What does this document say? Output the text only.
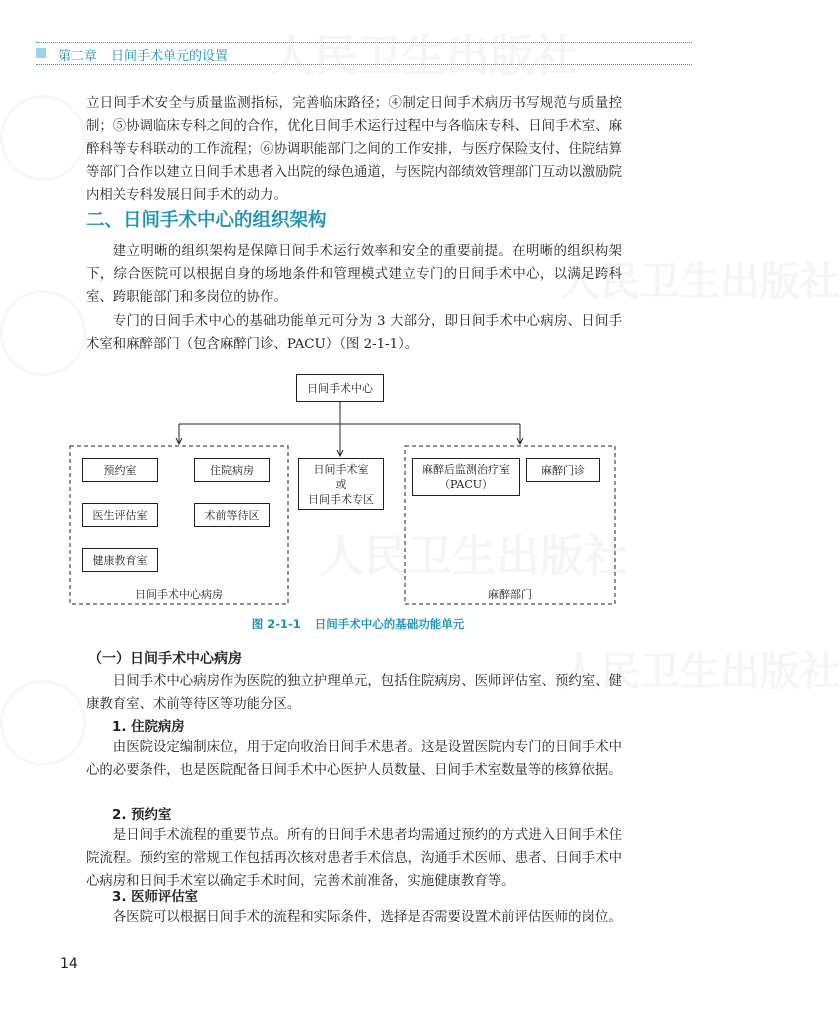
人民卫生出版社
人民卫生出版社
人民卫生出版社
人民卫生出版社
第二章 日间手术单元的设置

立日间手术安全与质量监测指标，完善临床路径；④制定日间手术病历书写规范与质量控制；⑤协调临床专科之间的合作，优化日间手术运行过程中与各临床专科、日间手术室、麻醉科等专科联动的工作流程；⑥协调职能部门之间的工作安排，与医疗保险支付、住院结算等部门合作以建立日间手术患者入出院的绿色通道，与医院内部绩效管理部门互动以激励院内相关专科发展日间手术的动力。

二、日间手术中心的组织架构

建立明晰的组织架构是保障日间手术运行效率和安全的重要前提。在明晰的组织构架下，综合医院可以根据自身的场地条件和管理模式建立专门的日间手术中心，以满足跨科室、跨职能部门和多岗位的协作。

专门的日间手术中心的基础功能单元可分为 3 大部分，即日间手术中心病房、日间手术室和麻醉部门（包含麻醉门诊、PACU）（图 2-1-1）。

日间手术中心
预约室	住院病房
医生评估室	术前等待区
健康教育室
日间手术中心病房
日间手术室
或
日间手术专区
麻醉后监测治疗室
（PACU）
麻醉门诊
麻醉部门
图 2-1-1 日间手术中心的基础功能单元
（一）日间手术中心病房

日间手术中心病房作为医院的独立护理单元，包括住院病房、医师评估室、预约室、健康教育室、术前等待区等功能分区。

1. 住院病房

由医院设定编制床位，用于定向收治日间手术患者。这是设置医院内专门的日间手术中心的必要条件，也是医院配备日间手术中心医护人员数量、日间手术室数量等的核算依据。

2. 预约室

是日间手术流程的重要节点。所有的日间手术患者均需通过预约的方式进入日间手术住院流程。预约室的常规工作包括再次核对患者手术信息，沟通手术医师、患者、日间手术中心病房和日间手术室以确定手术时间，完善术前准备，实施健康教育等。

3. 医师评估室

各医院可以根据日间手术的流程和实际条件，选择是否需要设置术前评估医师的岗位。

14
